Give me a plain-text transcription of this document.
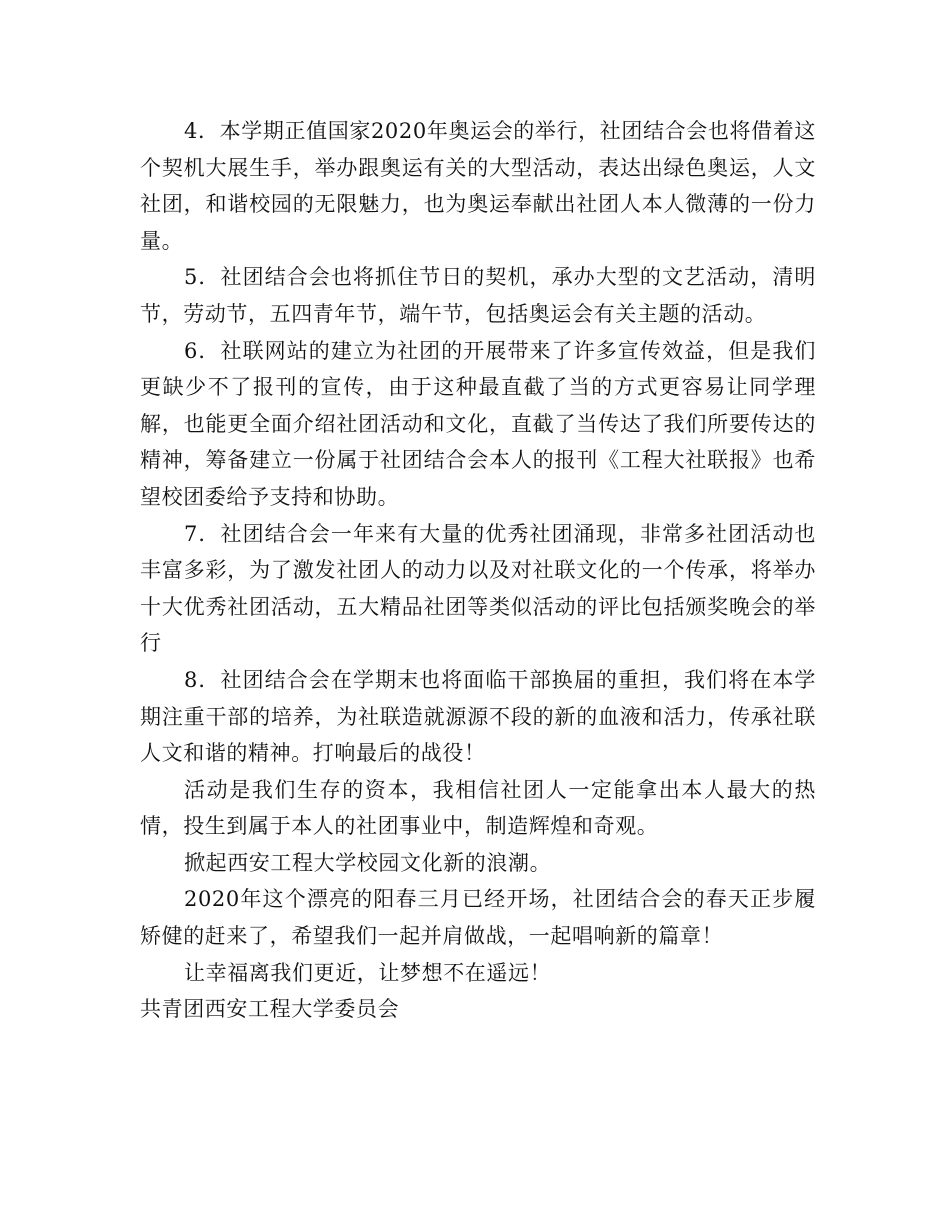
4．本学期正值国家2020年奥运会的举行，社团结合会也将借着这个契机大展生手，举办跟奥运有关的大型活动，表达出绿色奥运，人文社团，和谐校园的无限魅力，也为奥运奉献出社团人本人微薄的一份力量。

5．社团结合会也将抓住节日的契机，承办大型的文艺活动，清明节，劳动节，五四青年节，端午节，包括奥运会有关主题的活动。

6．社联网站的建立为社团的开展带来了许多宣传效益，但是我们更缺少不了报刊的宣传，由于这种最直截了当的方式更容易让同学理解，也能更全面介绍社团活动和文化，直截了当传达了我们所要传达的精神，筹备建立一份属于社团结合会本人的报刊《工程大社联报》也希望校团委给予支持和协助。

7．社团结合会一年来有大量的优秀社团涌现，非常多社团活动也丰富多彩，为了激发社团人的动力以及对社联文化的一个传承，将举办十大优秀社团活动，五大精品社团等类似活动的评比包括颁奖晚会的举行

8．社团结合会在学期末也将面临干部换届的重担，我们将在本学期注重干部的培养，为社联造就源源不段的新的血液和活力，传承社联人文和谐的精神。打响最后的战役！

活动是我们生存的资本，我相信社团人一定能拿出本人最大的热情，投生到属于本人的社团事业中，制造辉煌和奇观。

掀起西安工程大学校园文化新的浪潮。

2020年这个漂亮的阳春三月已经开场，社团结合会的春天正步履矫健的赶来了，希望我们一起并肩做战，一起唱响新的篇章！

让幸福离我们更近，让梦想不在遥远！

共青团西安工程大学委员会
